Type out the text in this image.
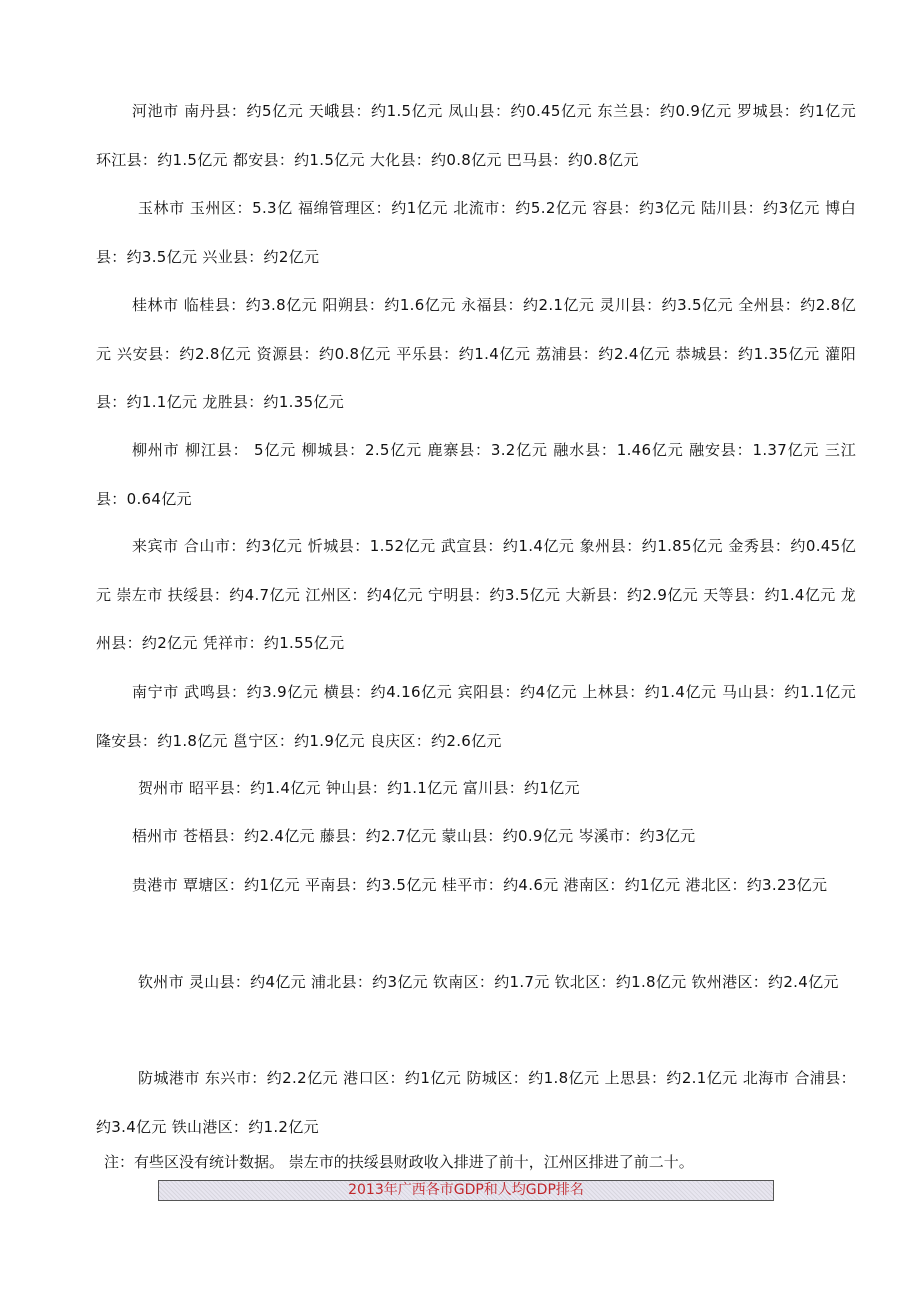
河池市 南丹县：约5亿元 天峨县：约1.5亿元 凤山县：约0.45亿元 东兰县：约0.9亿元 罗城县：约1亿元 环江县：约1.5亿元 都安县：约1.5亿元 大化县：约0.8亿元 巴马县：约0.8亿元

玉林市 玉州区：5.3亿 福绵管理区：约1亿元 北流市：约5.2亿元 容县：约3亿元 陆川县：约3亿元 博白县：约3.5亿元 兴业县：约2亿元

桂林市 临桂县：约3.8亿元 阳朔县：约1.6亿元 永福县：约2.1亿元 灵川县：约3.5亿元 全州县：约2.8亿元 兴安县：约2.8亿元 资源县：约0.8亿元 平乐县：约1.4亿元 荔浦县：约2.4亿元 恭城县：约1.35亿元 灌阳县：约1.1亿元 龙胜县：约1.35亿元

柳州市 柳江县： 5亿元 柳城县：2.5亿元 鹿寨县：3.2亿元 融水县：1.46亿元 融安县：1.37亿元 三江县：0.64亿元

来宾市 合山市：约3亿元 忻城县：1.52亿元 武宣县：约1.4亿元 象州县：约1.85亿元 金秀县：约0.45亿元 崇左市 扶绥县：约4.7亿元 江州区：约4亿元 宁明县：约3.5亿元 大新县：约2.9亿元 天等县：约1.4亿元 龙州县：约2亿元 凭祥市：约1.55亿元

南宁市 武鸣县：约3.9亿元 横县：约4.16亿元 宾阳县：约4亿元 上林县：约1.4亿元 马山县：约1.1亿元 隆安县：约1.8亿元 邕宁区：约1.9亿元 良庆区：约2.6亿元

贺州市 昭平县：约1.4亿元 钟山县：约1.1亿元 富川县：约1亿元

梧州市 苍梧县：约2.4亿元 藤县：约2.7亿元 蒙山县：约0.9亿元 岑溪市：约3亿元

贵港市 覃塘区：约1亿元 平南县：约3.5亿元 桂平市：约4.6元 港南区：约1亿元 港北区：约3.23亿元

钦州市 灵山县：约4亿元 浦北县：约3亿元 钦南区：约1.7元 钦北区：约1.8亿元 钦州港区：约2.4亿元

防城港市 东兴市：约2.2亿元 港口区：约1亿元 防城区：约1.8亿元 上思县：约2.1亿元 北海市 合浦县：约3.4亿元 铁山港区：约1.2亿元

注：有些区没有统计数据。 崇左市的扶绥县财政收入排进了前十，江州区排进了前二十。
2013年广西各市GDP和人均GDP排名
